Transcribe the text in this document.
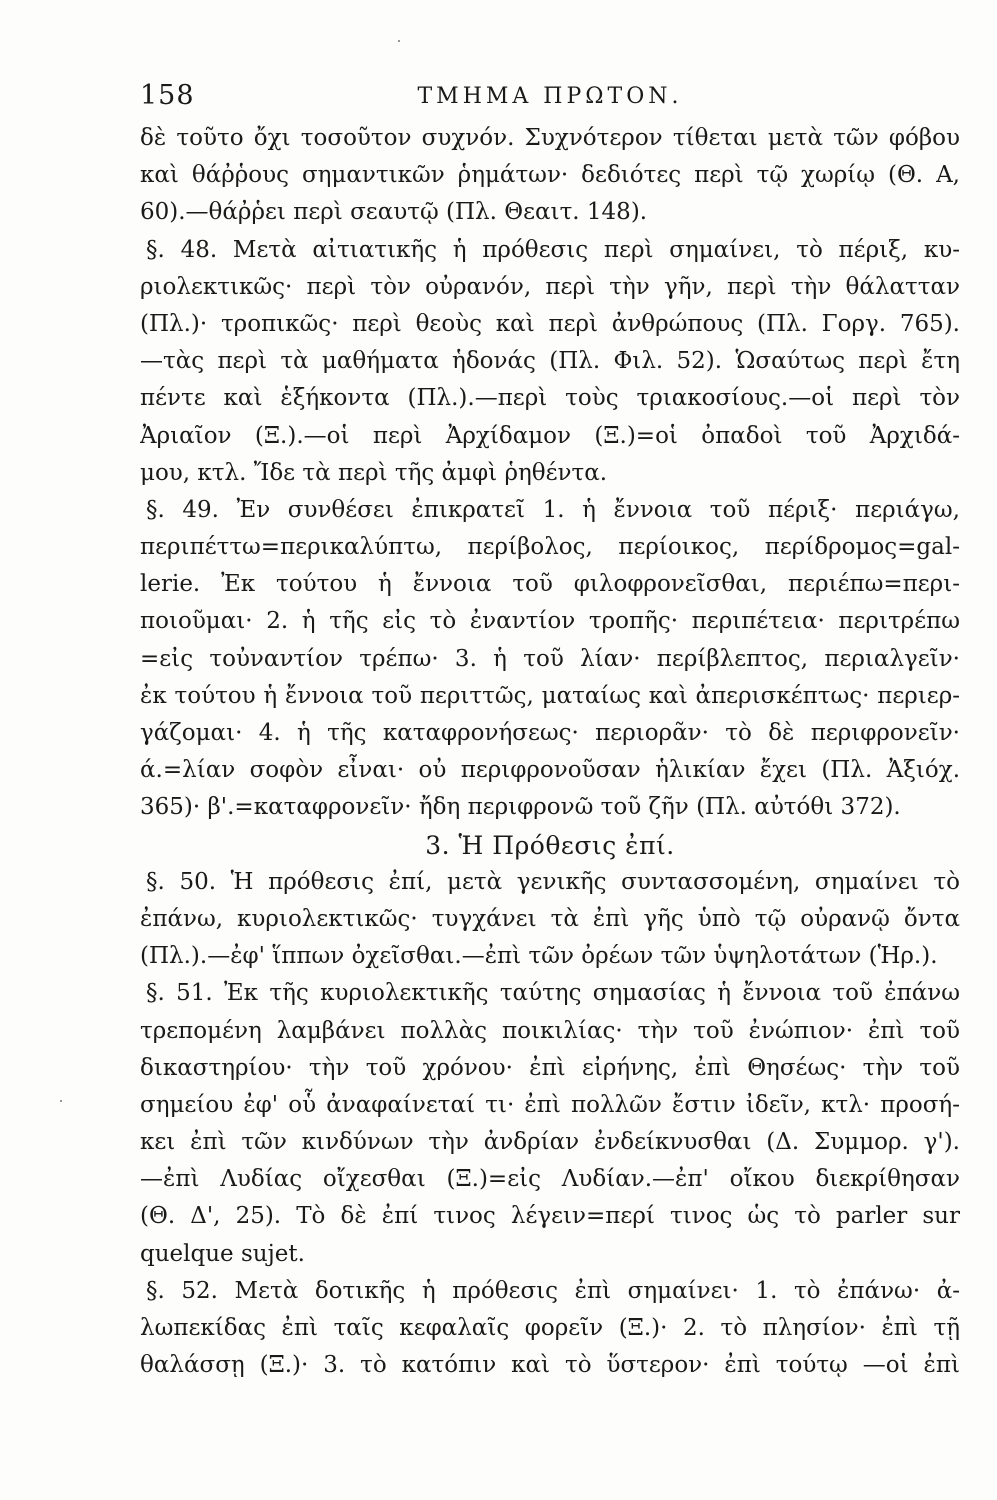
158	ΤΜΗΜΑ ΠΡΩΤΟΝ.
δὲ τοῦτο ὄχι τοσοῦτον συχνόν. Συχνότερον τίθεται μετὰ τῶν φόβου
καὶ θάῤῥους σημαντικῶν ῥημάτων· δεδιότες περὶ τῷ χωρίῳ (Θ. Α,
60).—θάῤῥει περὶ σεαυτῷ (Πλ. Θεαιτ. 148).
§. 48. Μετὰ αἰτιατικῆς ἡ πρόθεσις περὶ σημαίνει, τὸ πέριξ, κυ-
ριολεκτικῶς· περὶ τὸν οὐρανόν, περὶ τὴν γῆν, περὶ τὴν θάλατταν
(Πλ.)· τροπικῶς· περὶ θεοὺς καὶ περὶ ἀνθρώπους (Πλ. Γοργ. 765).
—τὰς περὶ τὰ μαθήματα ἡδονάς (Πλ. Φιλ. 52). Ὡσαύτως περὶ ἔτη
πέντε καὶ ἑξήκοντα (Πλ.).—περὶ τοὺς τριακοσίους.—οἱ περὶ τὸν
Ἀριαῖον (Ξ.).—οἱ περὶ Ἀρχίδαμον (Ξ.)=οἱ ὀπαδοὶ τοῦ Ἀρχιδά-
μου, κτλ. Ἴδε τὰ περὶ τῆς ἀμφὶ ῥηθέντα.
§. 49. Ἐν συνθέσει ἐπικρατεῖ 1. ἡ ἔννοια τοῦ πέριξ· περιάγω,
περιπέττω=περικαλύπτω, περίβολος, περίοικος, περίδρομος=gal-
lerie. Ἐκ τούτου ἡ ἔννοια τοῦ φιλοφρονεῖσθαι, περιέπω=περι-
ποιοῦμαι· 2. ἡ τῆς εἰς τὸ ἐναντίον τροπῆς· περιπέτεια· περιτρέπω
=εἰς τοὐναντίον τρέπω· 3. ἡ τοῦ λίαν· περίβλεπτος, περιαλγεῖν·
ἐκ τούτου ἡ ἔννοια τοῦ περιττῶς, ματαίως καὶ ἀπερισκέπτως· περιερ-
γάζομαι· 4. ἡ τῆς καταφρονήσεως· περιορᾶν· τὸ δὲ περιφρονεῖν·
ά.=λίαν σοφὸν εἶναι· οὐ περιφρονοῦσαν ἡλικίαν ἔχει (Πλ. Ἀξιόχ.
365)· β'.=καταφρονεῖν· ἤδη περιφρονῶ τοῦ ζῆν (Πλ. αὐτόθι 372).
3. Ἡ Πρόθεσις ἐπί.
§. 50. Ἡ πρόθεσις ἐπί, μετὰ γενικῆς συντασσομένη, σημαίνει τὸ
ἐπάνω, κυριολεκτικῶς· τυγχάνει τὰ ἐπὶ γῆς ὑπὸ τῷ οὐρανῷ ὄντα
(Πλ.).—ἐφ' ἵππων ὀχεῖσθαι.—ἐπὶ τῶν ὀρέων τῶν ὑψηλοτάτων (Ἡρ.).
§. 51. Ἐκ τῆς κυριολεκτικῆς ταύτης σημασίας ἡ ἔννοια τοῦ ἐπάνω
τρεπομένη λαμβάνει πολλὰς ποικιλίας· τὴν τοῦ ἐνώπιον· ἐπὶ τοῦ
δικαστηρίου· τὴν τοῦ χρόνου· ἐπὶ εἰρήνης, ἐπὶ Θησέως· τὴν τοῦ
σημείου ἐφ' οὗ ἀναφαίνεταί τι· ἐπὶ πολλῶν ἔστιν ἰδεῖν, κτλ· προσή-
κει ἐπὶ τῶν κινδύνων τὴν ἀνδρίαν ἐνδείκνυσθαι (Δ. Συμμορ. γ').
—ἐπὶ Λυδίας οἴχεσθαι (Ξ.)=εἰς Λυδίαν.—ἐπ' οἴκου διεκρίθησαν
(Θ. Δ', 25). Τὸ δὲ ἐπί τινος λέγειν=περί τινος ὡς τὸ parler sur
quelque sujet.
§. 52. Μετὰ δοτικῆς ἡ πρόθεσις ἐπὶ σημαίνει· 1. τὸ ἐπάνω· ἀ-
λωπεκίδας ἐπὶ ταῖς κεφαλαῖς φορεῖν (Ξ.)· 2. τὸ πλησίον· ἐπὶ τῇ
θαλάσσῃ (Ξ.)· 3. τὸ κατόπιν καὶ τὸ ὕστερον· ἐπὶ τούτῳ —οἱ ἐπὶ
